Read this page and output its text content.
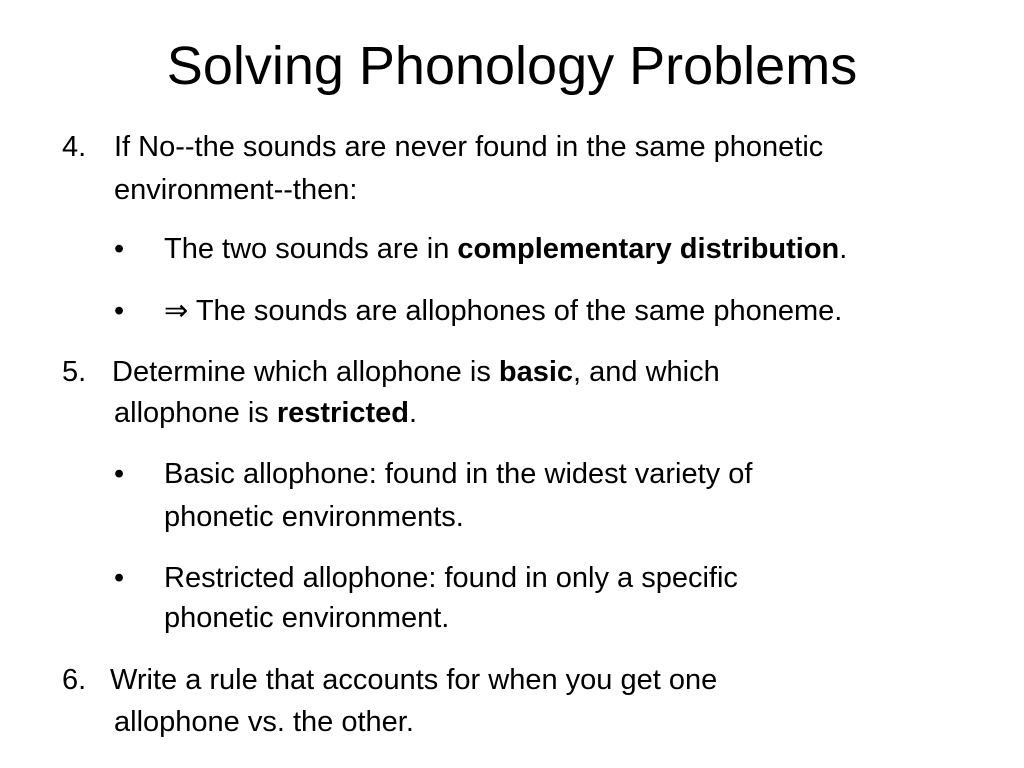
Solving Phonology Problems
4. If No--the sounds are never found in the same phonetic
environment--then:
• The two sounds are in complementary distribution.
• ⇒ The sounds are allophones of the same phoneme.
5. Determine which allophone is basic, and which
allophone is restricted.
• Basic allophone: found in the widest variety of
phonetic environments.
• Restricted allophone: found in only a specific
phonetic environment.
6. Write a rule that accounts for when you get one
allophone vs. the other.
